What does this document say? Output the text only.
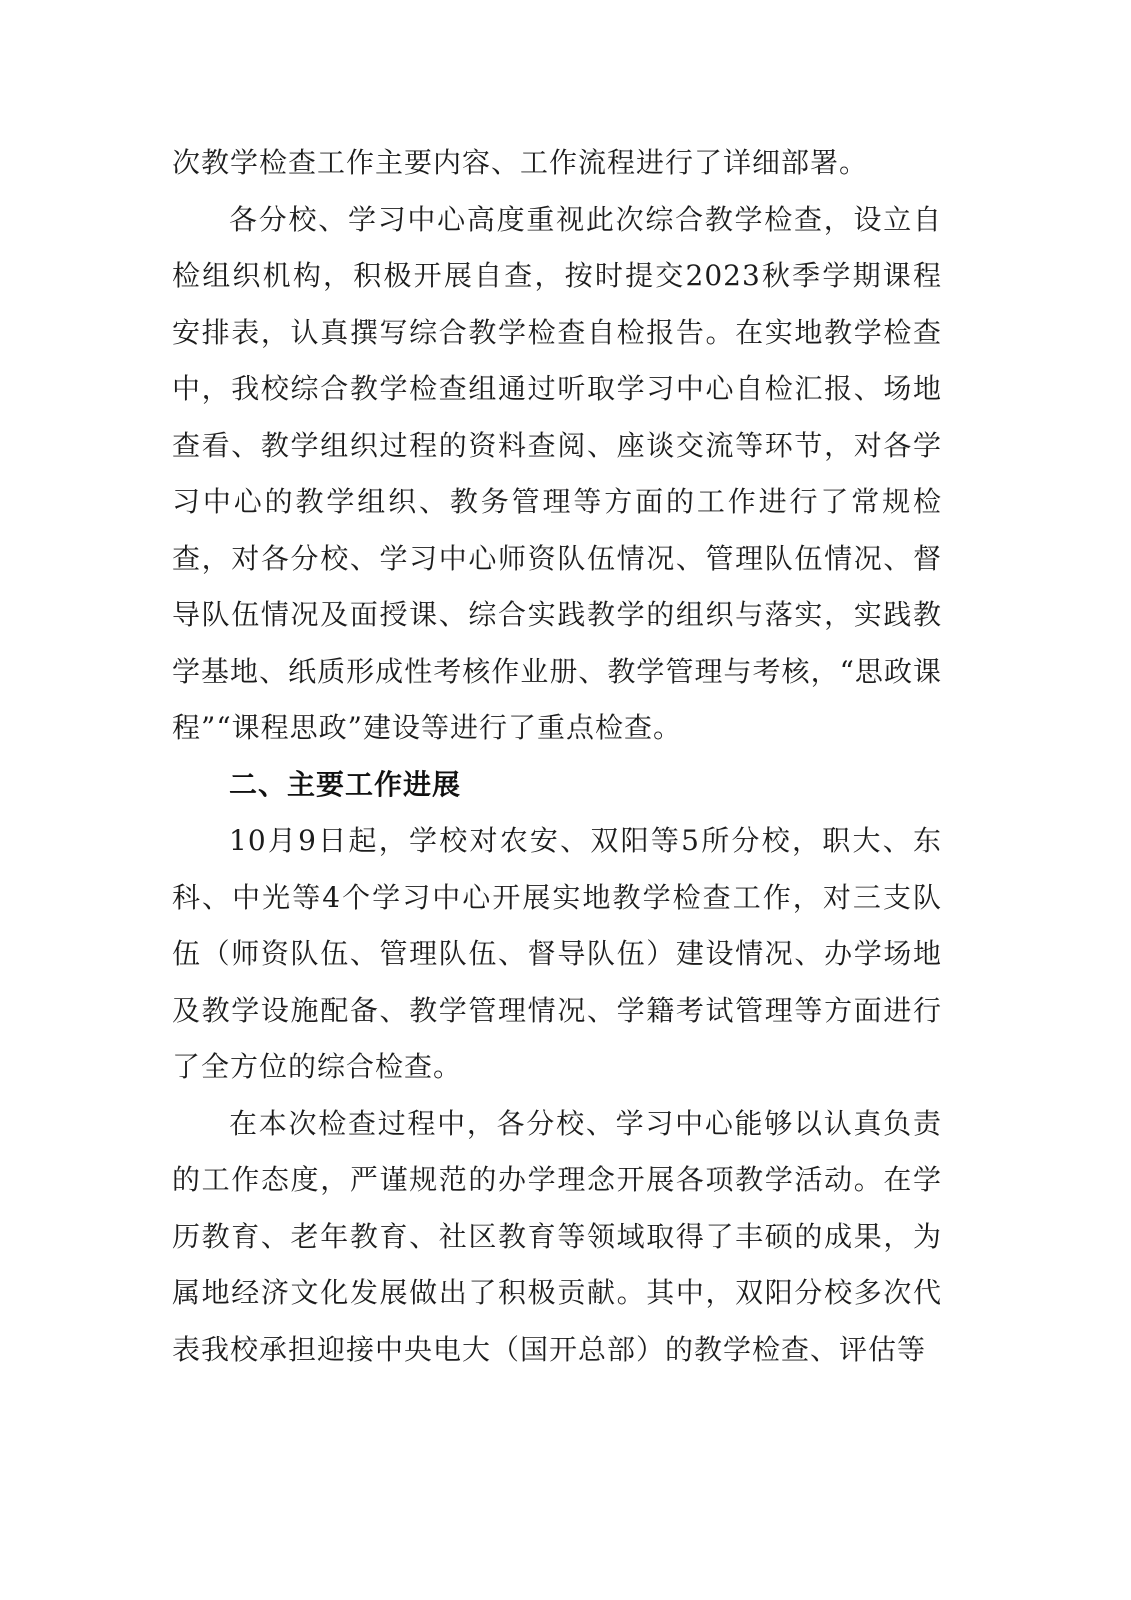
次教学检查工作主要内容、工作流程进行了详细部署。

各分校、学习中心高度重视此次综合教学检查，设立自检组织机构，积极开展自查，按时提交2023秋季学期课程安排表，认真撰写综合教学检查自检报告。在实地教学检查中，我校综合教学检查组通过听取学习中心自检汇报、场地查看、教学组织过程的资料查阅、座谈交流等环节，对各学习中心的教学组织、教务管理等方面的工作进行了常规检查，对各分校、学习中心师资队伍情况、管理队伍情况、督导队伍情况及面授课、综合实践教学的组织与落实，实践教学基地、纸质形成性考核作业册、教学管理与考核，“思政课程”“课程思政”建设等进行了重点检查。

二、主要工作进展

10月9日起，学校对农安、双阳等5所分校，职大、东科、中光等4个学习中心开展实地教学检查工作，对三支队伍（师资队伍、管理队伍、督导队伍）建设情况、办学场地及教学设施配备、教学管理情况、学籍考试管理等方面进行了全方位的综合检查。

在本次检查过程中，各分校、学习中心能够以认真负责的工作态度，严谨规范的办学理念开展各项教学活动。在学历教育、老年教育、社区教育等领域取得了丰硕的成果，为属地经济文化发展做出了积极贡献。其中，双阳分校多次代表我校承担迎接中央电大（国开总部）的教学检查、评估等
